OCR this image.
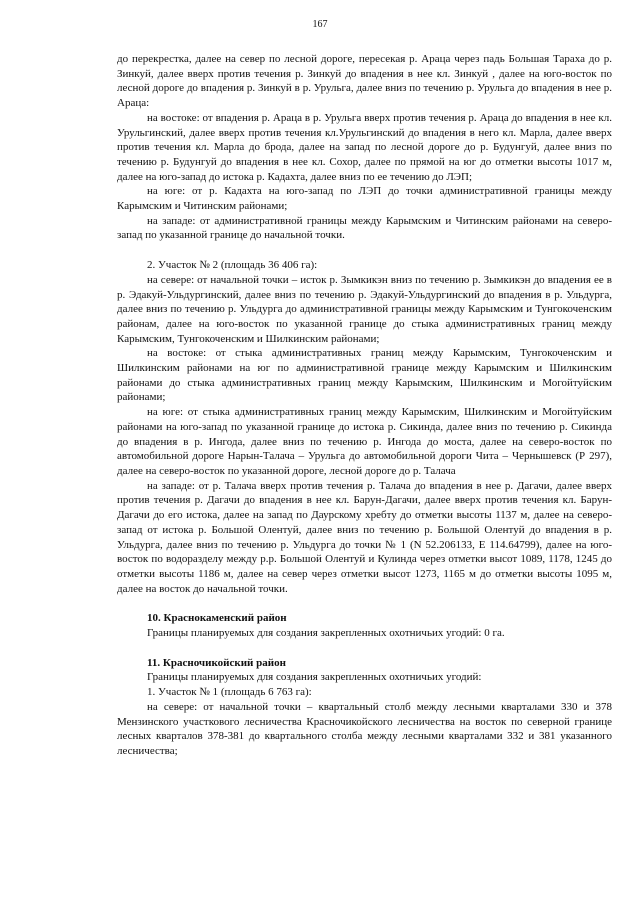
167

до перекрестка, далее на север по лесной дороге, пересекая р. Араца через падь Большая Тараха до р. Зинкуй, далее вверх против течения р. Зинкуй до впадения в нее кл. Зинкуй , далее на юго-восток по лесной дороге до впадения р. Зинкуй в р. Урульга, далее вниз по течению р. Урульга до впадения в нее р. Араца:

на востоке: от впадения р. Араца в р. Урульга вверх против течения р. Араца до впадения в нее кл. Урульгинский, далее вверх против течения кл.Урульгинский до впадения в него кл. Марла, далее вверх против течения кл. Марла до брода, далее на запад по лесной дороге до р. Будунгуй, далее вниз по течению р. Будунгуй до впадения в нее кл. Сохор, далее по прямой на юг до отметки высоты 1017 м, далее на юго-запад до истока р. Кадахта, далее вниз по ее течению до ЛЭП;

на юге: от р. Кадахта на юго-запад по ЛЭП до точки административной границы между Карымским и Читинским районами;

на западе: от административной границы между Карымским и Читинским районами на северо-запад по указанной границе до начальной точки.

2. Участок № 2 (площадь 36 406 га):

на севере: от начальной точки – исток р. Зымкикэн вниз по течению р. Зымкикэн до впадения ее в р. Эдакуй-Ульдургинский, далее вниз по течению р. Эдакуй-Ульдургинский до впадения в р. Ульдурга, далее вниз по течению р. Ульдурга до административной границы между Карымским и Тунгокоченским районам, далее на юго-восток по указанной границе до стыка административных границ между Карымским, Тунгокоченским и Шилкинским районами;

на востоке: от стыка административных границ между Карымским, Тунгокоченским и Шилкинским районами на юг по административной границе между Карымским и Шилкинским районами до стыка административных границ между Карымским, Шилкинским и Могойтуйским районами;

на юге: от стыка административных границ между Карымским, Шилкинским и Могойтуйским районами на юго-запад по указанной границе до истока р. Сикинда, далее вниз по течению р. Сикинда до впадения в р. Ингода, далее вниз по течению р. Ингода до моста, далее на северо-восток по автомобильной дороге Нарын-Талача – Урульга до автомобильной дороги Чита – Чернышевск (Р 297), далее на северо-восток по указанной дороге, лесной дороге до р. Талача

на западе: от р. Талача вверх против течения р. Талача до впадения в нее р. Дагачи, далее вверх против течения р. Дагачи до впадения в нее кл. Барун-Дагачи, далее вверх против течения кл. Барун-Дагачи до его истока, далее на запад по Даурскому хребту до отметки высоты 1137 м, далее на северо-запад от истока р. Большой Олентуй, далее вниз по течению р. Большой Олентуй до впадения в р. Ульдурга, далее вниз по течению р. Ульдурга до точки № 1 (N 52.206133, E 114.64799), далее на юго-восток по водоразделу между р.р. Большой Олентуй и Кулинда через отметки высот 1089, 1178, 1245 до отметки высоты 1186 м, далее на север через отметки высот 1273, 1165 м до отметки высоты 1095 м, далее на восток до начальной точки.

10. Краснокаменский район

Границы планируемых для создания закрепленных охотничьих угодий: 0 га.

11. Красночикойский район

Границы планируемых для создания закрепленных охотничьих угодий:

1. Участок № 1 (площадь 6 763 га):

на севере: от начальной точки – квартальный столб между лесными кварталами 330 и 378 Мензинского участкового лесничества Красночикойского лесничества на восток по северной границе лесных кварталов 378-381 до квартального столба между лесными кварталами 332 и 381 указанного лесничества;
